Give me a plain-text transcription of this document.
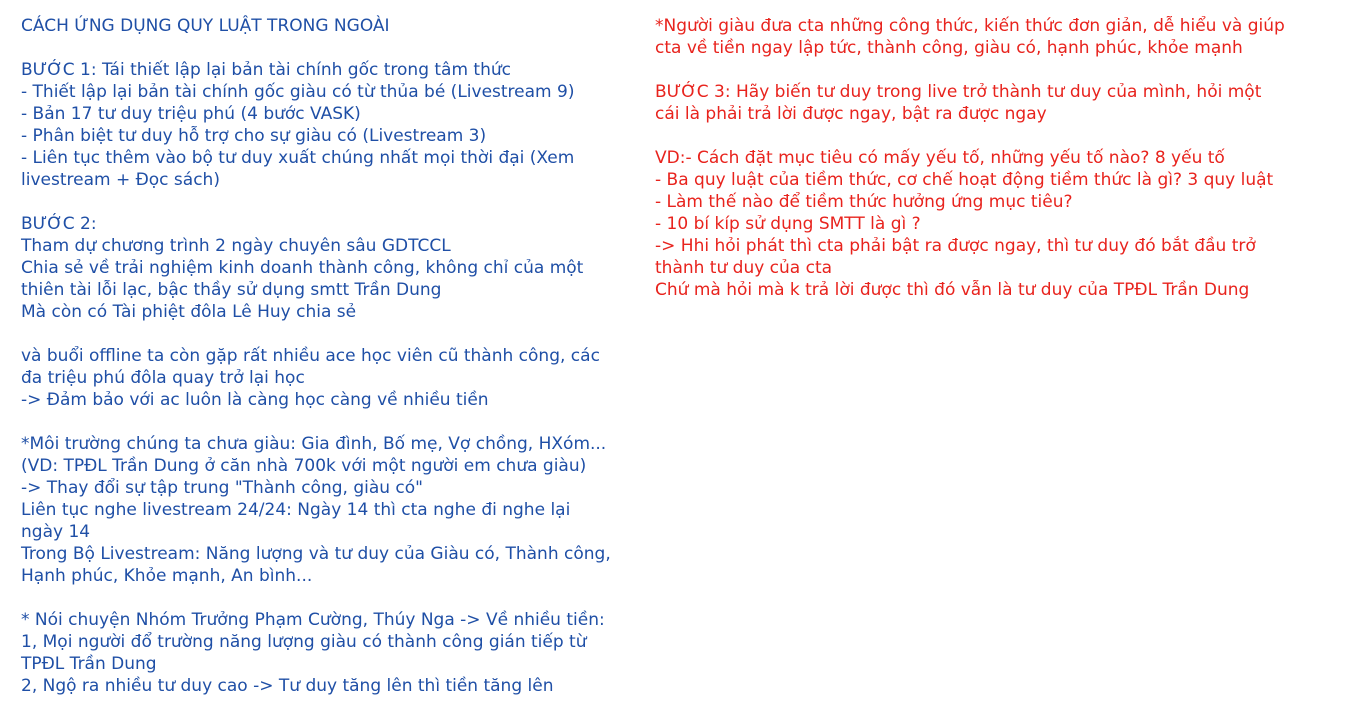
CÁCH ỨNG DỤNG QUY LUẬT TRONG NGOÀI
BƯỚC 1: Tái thiết lập lại bản tài chính gốc trong tâm thức
- Thiết lập lại bản tài chính gốc giàu có từ thủa bé (Livestream 9)
- Bản 17 tư duy triệu phú (4 bước VASK)
- Phân biệt tư duy hỗ trợ cho sự giàu có (Livestream 3)
- Liên tục thêm vào bộ tư duy xuất chúng nhất mọi thời đại (Xem
livestream + Đọc sách)
BƯỚC 2:
Tham dự chương trình 2 ngày chuyên sâu GDTCCL
Chia sẻ về trải nghiệm kinh doanh thành công, không chỉ của một
thiên tài lỗi lạc, bậc thầy sử dụng smtt Trần Dung
Mà còn có Tài phiệt đôla Lê Huy chia sẻ
và buổi offline ta còn gặp rất nhiều ace học viên cũ thành công, các
đa triệu phú đôla quay trở lại học
-> Đảm bảo với ac luôn là càng học càng về nhiều tiền
*Môi trường chúng ta chưa giàu: Gia đình, Bố mẹ, Vợ chồng, HXóm...
(VD: TPĐL Trần Dung ở căn nhà 700k với một người em chưa giàu)
-> Thay đổi sự tập trung "Thành công, giàu có"
Liên tục nghe livestream 24/24: Ngày 14 thì cta nghe đi nghe lại
ngày 14
Trong Bộ Livestream: Năng lượng và tư duy của Giàu có, Thành công,
Hạnh phúc, Khỏe mạnh, An bình...
* Nói chuyện Nhóm Trưởng Phạm Cường, Thúy Nga -> Về nhiều tiền:
1, Mọi người đổ trường năng lượng giàu có thành công gián tiếp từ
TPĐL Trần Dung
2, Ngộ ra nhiều tư duy cao -> Tư duy tăng lên thì tiền tăng lên
*Người giàu đưa cta những công thức, kiến thức đơn giản, dễ hiểu và giúp
cta về tiền ngay lập tức, thành công, giàu có, hạnh phúc, khỏe mạnh
BƯỚC 3: Hãy biến tư duy trong live trở thành tư duy của mình, hỏi một
cái là phải trả lời được ngay, bật ra được ngay
VD:- Cách đặt mục tiêu có mấy yếu tố, những yếu tố nào? 8 yếu tố
- Ba quy luật của tiềm thức, cơ chế hoạt động tiềm thức là gì? 3 quy luật
- Làm thế nào để tiềm thức hưởng ứng mục tiêu?
- 10 bí kíp sử dụng SMTT là gì ?
-> Hhi hỏi phát thì cta phải bật ra được ngay, thì tư duy đó bắt đầu trở
thành tư duy của cta
Chứ mà hỏi mà k trả lời được thì đó vẫn là tư duy của TPĐL Trần Dung
